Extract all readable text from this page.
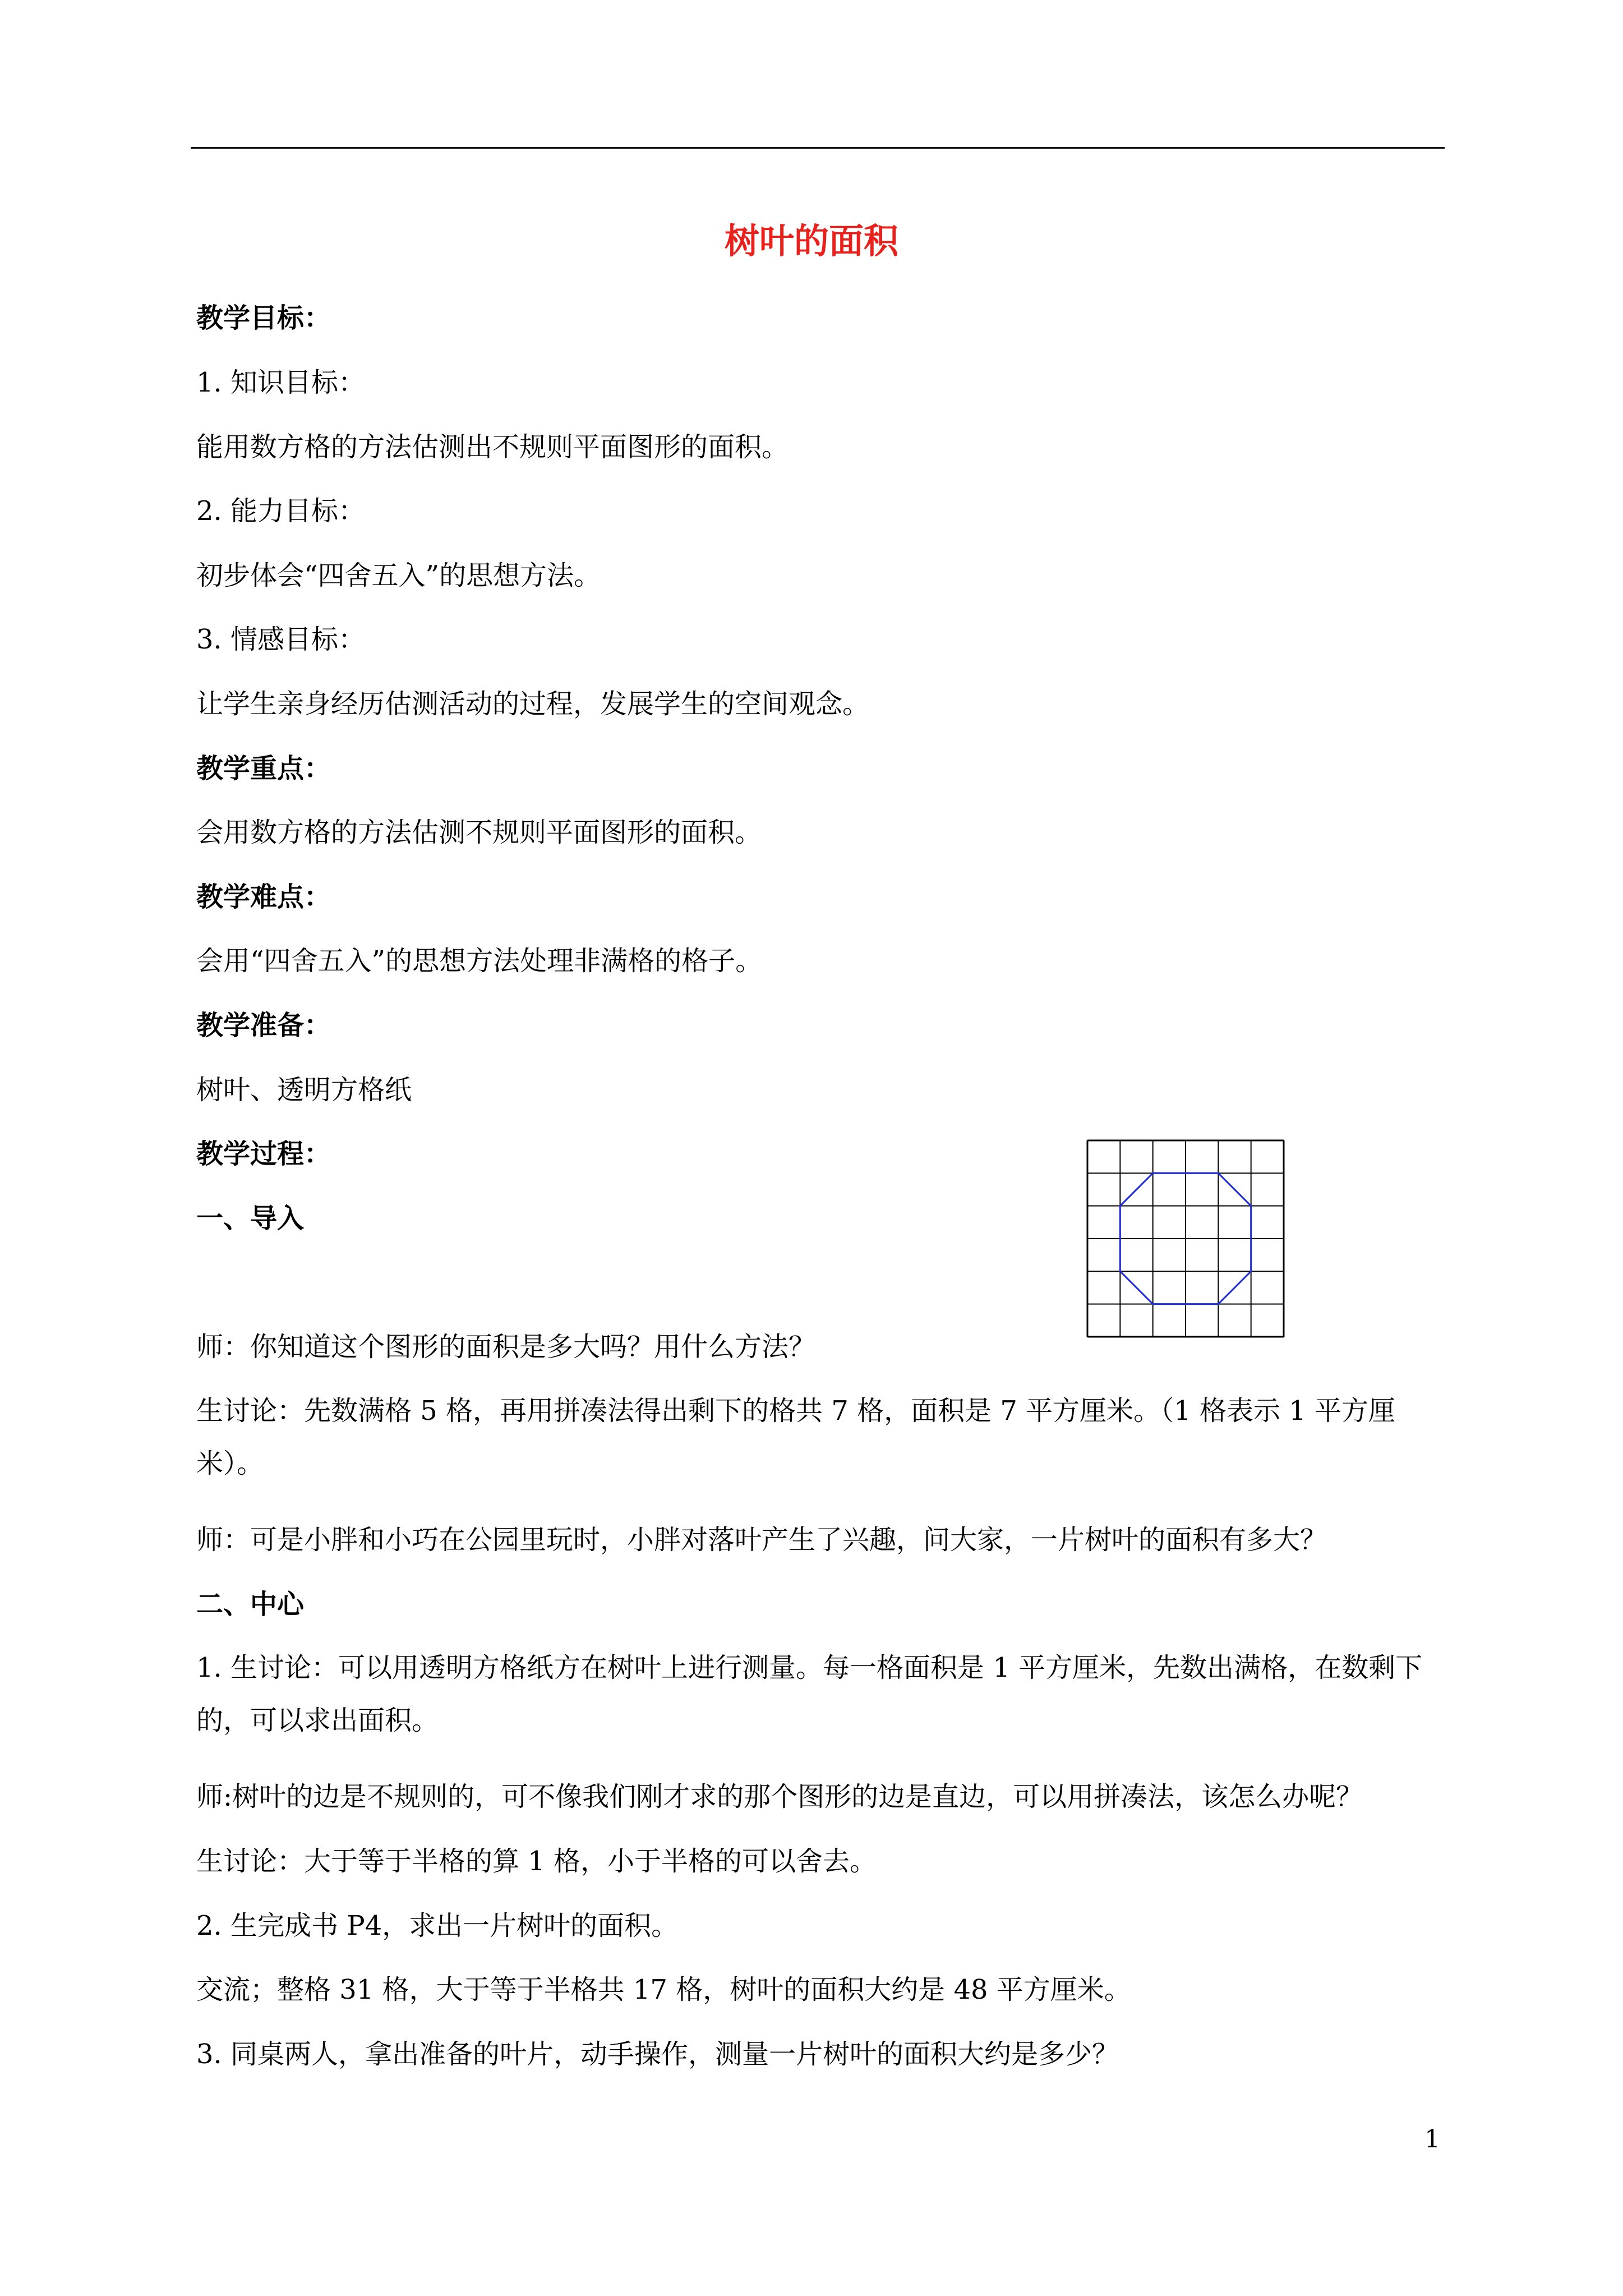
树叶的面积
教学目标：
1. 知识目标：
能用数方格的方法估测出不规则平面图形的面积。
2. 能力目标：
初步体会“四舍五入”的思想方法。
3. 情感目标：
让学生亲身经历估测活动的过程，发展学生的空间观念。
教学重点：
会用数方格的方法估测不规则平面图形的面积。
教学难点：
会用“四舍五入”的思想方法处理非满格的格子。
教学准备：
树叶、透明方格纸
教学过程：
一、导入
师：你知道这个图形的面积是多大吗？用什么方法？
生讨论：先数满格 5 格，再用拼凑法得出剩下的格共 7 格，面积是 7 平方厘米。（1 格表示 1 平方厘米）。
师：可是小胖和小巧在公园里玩时，小胖对落叶产生了兴趣，问大家，一片树叶的面积有多大？
二、中心
1. 生讨论：可以用透明方格纸方在树叶上进行测量。每一格面积是 1 平方厘米，先数出满格，在数剩下的，可以求出面积。
师:树叶的边是不规则的，可不像我们刚才求的那个图形的边是直边，可以用拼凑法，该怎么办呢？
生讨论：大于等于半格的算 1 格，小于半格的可以舍去。
2. 生完成书 P4，求出一片树叶的面积。
交流；整格 31 格，大于等于半格共 17 格，树叶的面积大约是 48 平方厘米。
3. 同桌两人，拿出准备的叶片，动手操作，测量一片树叶的面积大约是多少？
1
